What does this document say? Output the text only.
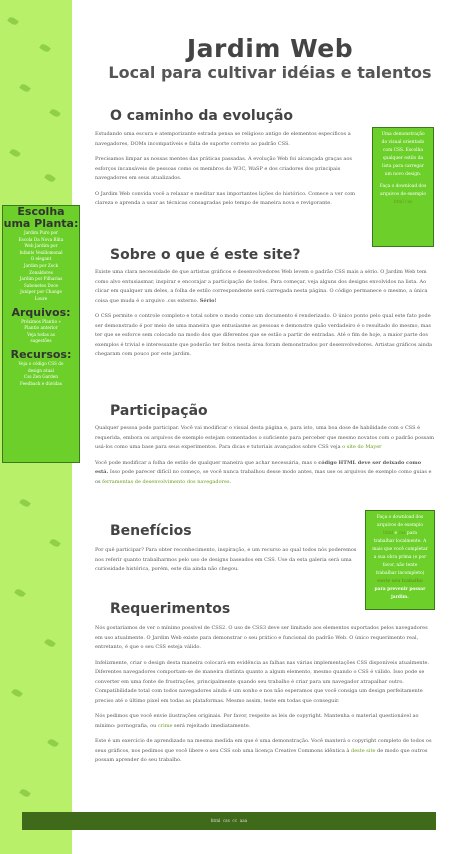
Jardim Web
Local para cultivar idéias e talentos
O caminho da evolução

Estudando uma escura e atemporizante estrada pensa se religioso antigo de elementos específicos a navegadores, DOMs incompatíveis e falta de suporte correto ao padrão CSS.

Precisamos limpar as nossas mentes das práticas passadas. A evolução Web foi alcançada graças aos esforços incansáveis de pessoas como os membros do W3C, WaSP e dos criadores dos principais navegadores em seus atualizados.

O Jardim Web convida você a relaxar e meditar nas importantes lições do histórico. Comece a ver com clareza e aprenda a usar as técnicas consagradas pelo tempo de maneira nova e revigorante.

Uma demonstração do visual orientado com CSS. Escolha qualquer estilo da lista para carregar um novo design.
Faça o download dos arquivos de exemplo html css
Sobre o que é este site?

Existe uma clara necessidade de que artistas gráficos e desenvolvedores Web levem o padrão CSS mais a sério. O Jardim Web tem como alvo entusiasmar, inspirar e encorajar a participação de todos. Para começar, veja alguns dos designs envolvidos na lista. Ao clicar em qualquer um deles, a folha de estilo correspondente será carregada nesta página. O código permanece o mesmo, a única coisa que muda é o arquivo .css externo. Sério!

O CSS permite o controle completo e total sobre o modo como um documento é renderizado. O único ponto pelo qual este fato pode ser demonstrado é por meio de uma maneira que entusiasme as pessoas e demonstre quão verdadeiro é o resultado do mesmo, mas ter que se esforce sem colocado na modo dos que diferentes que se estão a partir de entradas. Até o fim de hoje, a maior parte dos exemplos é trivial e interessante que poderão ter feitos nesta área foram demonstrados por desenvolvedores. Artistas gráficos ainda chegaram com pouco por este jardim.

Escolha uma Planta:
Jardim Puro por
Escola Da Nova Blita
Web Jardim por
Infants Vexillomonal
O elegant
Jardim por Zock
Zonaldores
Jardim por Pilharias
Sabonetes Doce
Juniper por Change
Loure
Arquivos:
Próximos Plantio »
Plantio anterior
Veja todas as
sugestões
Recursos:
Veja o código CSS do
design atual
Css Zen Garden
Feedback e dúvidas
Participação

Qualquer pessoa pode participar. Você vai modificar o visual desta página e, para isto, uma boa dose de habilidade com o CSS é requerida, embora os arquivos de exemplo estejam comentados o suficiente para perceber que mesmo novatos com o padrão possam usá-los como uma base para seus experimentos. Para dicas e tutoriais avançados sobre CSS veja o site do Mayer

Você pode modificar a folha de estilo de qualquer maneira que achar necessária, mas o código HTML deve ser deixado como está. Isso pode parecer difícil no começo, se você nunca trabalhou desse modo antes, mas use os arquivos de exemplo como guias e os ferramentas de desenvolvimento dos navegadores.

Faça o download dos arquivos de exemplo html e css para trabalhar localmente. A mais que você completar a sua obra prima (e por favor, não tente trabalhar incompleto) envie seu trabalho para prevenir possar jardim.
Benefícios

Por quê participar? Para obter reconhecimento, inspiração, e um recurso ao qual todos nós poderemos nos referir quanto trabalharmos pelo uso de designs baseados em CSS. Use da esta galeria será uma curiosidade histórica, porém, este dia ainda não chegou.

Requerimentos

Nós gostaríamos de ver o mínimo possível de CSS2. O uso de CSS3 deve ser limitado aos elementos suportados pelos navegadores em uso atualmente. O Jardim Web existe para demonstrar o seu prático e funcional do padrão Web. O único requerimento real, entretanto, é que o seu CSS esteja válido.

Infelizmente, criar o design desta maneira colocará em evidência as falhas nas várias implementações CSS disponíveis atualmente. Diferentes navegadores comportam-se de maneira distinta quanto a algum elemento, mesmo quando o CSS é válido. Isso pode se converter em uma fonte de frustrações, principalmente quando seu trabalho é criar para um navegador atrapalhar outro. Compatibilidade total com todos navegadores ainda é um sonho e nos não esperamos que você consiga um design perfeitamente preciso até o último pixel em todas as plataformas. Mesmo assim, teste em todas que conseguir.

Nós pedimos que você envie ilustrações originais. Por favor, respeite as leis de copyright. Mantenha o material questionável ao mínimo: pornografia, ou crime será rejeitado imediatamente.

Este é um exercício de aprendizado na mesma medida em que é uma demonstração. Você manterá o copyright completo de todos os seus gráficos, nos pedimos que você libere o seu CSS sob uma licença Creative Commons idêntica à deste site de modo que outros possam aprender do seu trabalho.

html css cc aaa
